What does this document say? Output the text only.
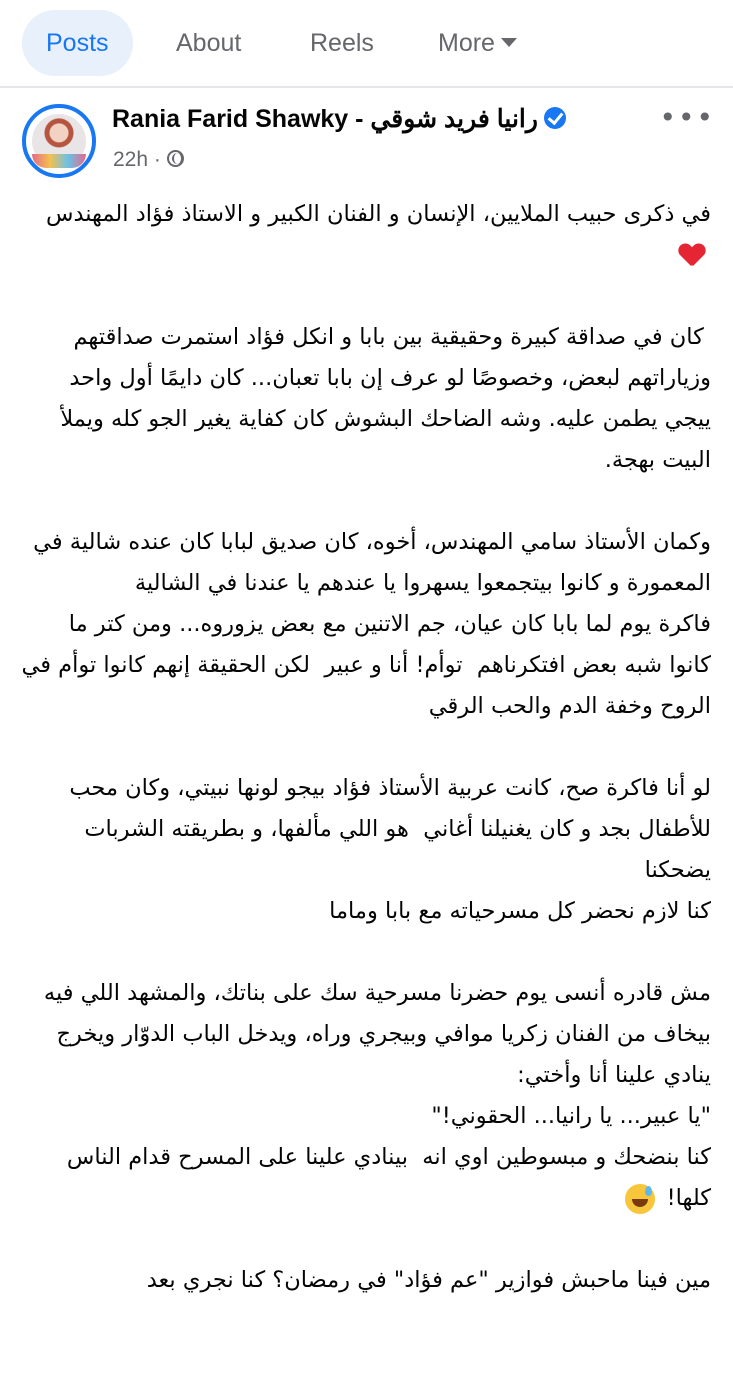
Posts	About	Reels	More
Rania Farid Shawky - رانيا فريد شوقي
22h ·
•••

في ذكرى حبيب الملايين، الإنسان و الفنان الكبير و الاستاذ فؤاد المهندس

كان في صداقة كبيرة وحقيقية بين بابا و انكل فؤاد استمرت صداقتهم وزياراتهم لبعض، وخصوصًا لو عرف إن بابا تعبان... كان دايمًا أول واحد ييجي يطمن عليه. وشه الضاحك البشوش كان كفاية يغير الجو كله ويملأ البيت بهجة.

وكمان الأستاذ سامي المهندس، أخوه، كان صديق لبابا كان عنده شالية في المعمورة و كانوا بيتجمعوا يسهروا يا عندهم يا عندنا في الشالية
فاكرة يوم لما بابا كان عيان، جم الاتنين مع بعض يزوروه... ومن كتر ما كانوا شبه بعض افتكرناهم  توأم! أنا و عبير  لكن الحقيقة إنهم كانوا توأم في الروح وخفة الدم والحب الرقي

لو أنا فاكرة صح، كانت عربية الأستاذ فؤاد بيجو لونها نبيتي، وكان محب للأطفال بجد و كان يغنيلنا أغاني  هو اللي مألفها، و بطريقته الشربات يضحكنا
كنا لازم نحضر كل مسرحياته مع بابا وماما

مش قادره أنسى يوم حضرنا مسرحية سك على بناتك، والمشهد اللي فيه بيخاف من الفنان زكريا موافي وبيجري وراه، ويدخل الباب الدوّار ويخرج ينادي علينا أنا وأختي:
"يا عبير... يا رانيا... الحقوني!"
كنا بنضحك و مبسوطين اوي انه  بينادي علينا على المسرح قدام الناس كلها!

مين فينا ماحبش فوازير "عم فؤاد" في رمضان؟ كنا نجري بعد
